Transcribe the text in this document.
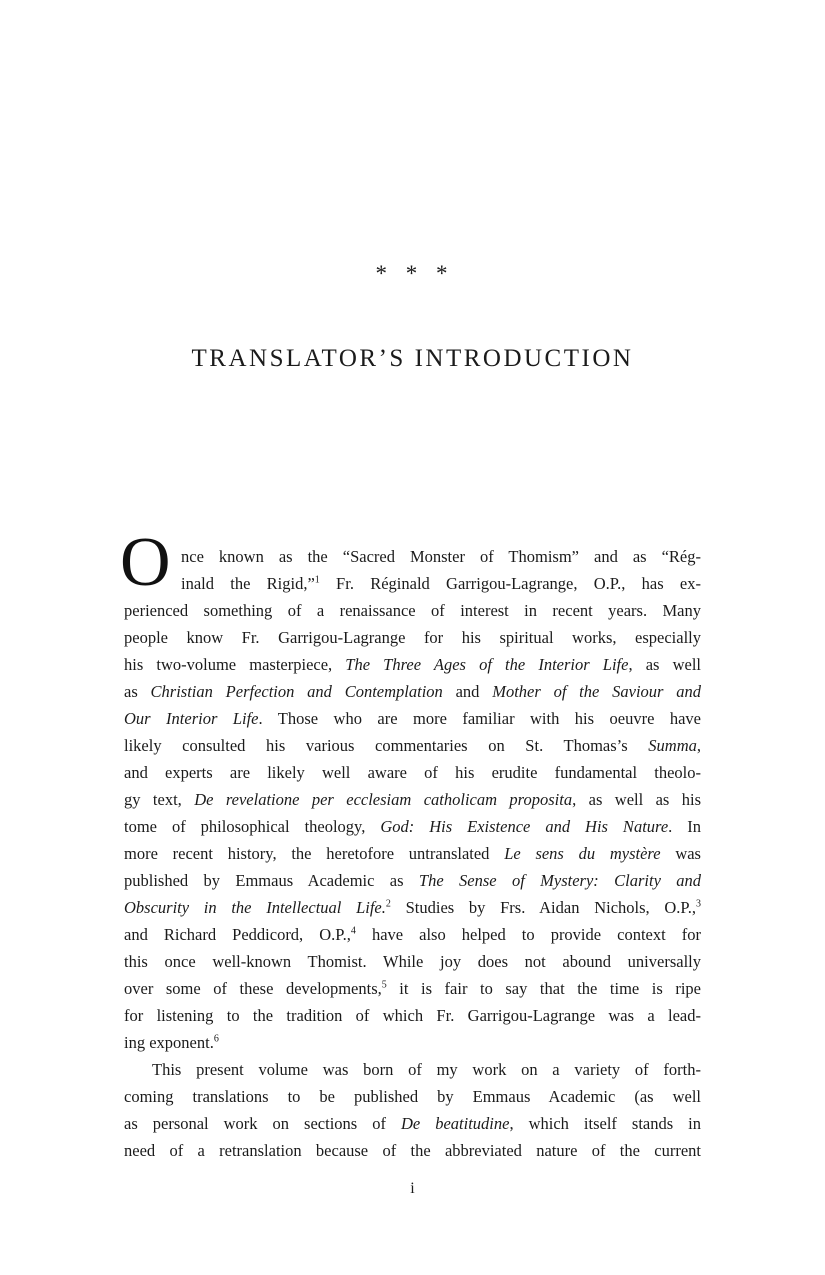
* * *
TRANSLATOR’S INTRODUCTION
O nce known as the “Sacred Monster of Thomism” and as “Rég-
inald the Rigid,”$^1$ Fr. Réginald Garrigou-Lagrange, O.P., has ex-
perienced something of a renaissance of interest in recent years. Many
people know Fr. Garrigou-Lagrange for his spiritual works, especially
his two-volume masterpiece, The Three Ages of the Interior Life, as well
as Christian Perfection and Contemplation and Mother of the Saviour and
Our Interior Life. Those who are more familiar with his oeuvre have
likely consulted his various commentaries on St. Thomas’s Summa,
and experts are likely well aware of his erudite fundamental theolo-
gy text, De revelatione per ecclesiam catholicam proposita, as well as his
tome of philosophical theology, God: His Existence and His Nature. In
more recent history, the heretofore untranslated Le sens du mystère was
published by Emmaus Academic as The Sense of Mystery: Clarity and
Obscurity in the Intellectual Life.$^2$ Studies by Frs. Aidan Nichols, O.P.,$^3$
and Richard Peddicord, O.P.,$^4$ have also helped to provide context for
this once well-known Thomist. While joy does not abound universally
over some of these developments,$^5$ it is fair to say that the time is ripe
for listening to the tradition of which Fr. Garrigou-Lagrange was a lead-
ing exponent.$^6$
This present volume was born of my work on a variety of forth-
coming translations to be published by Emmaus Academic (as well
as personal work on sections of De beatitudine, which itself stands in
need of a retranslation because of the abbreviated nature of the current
i
